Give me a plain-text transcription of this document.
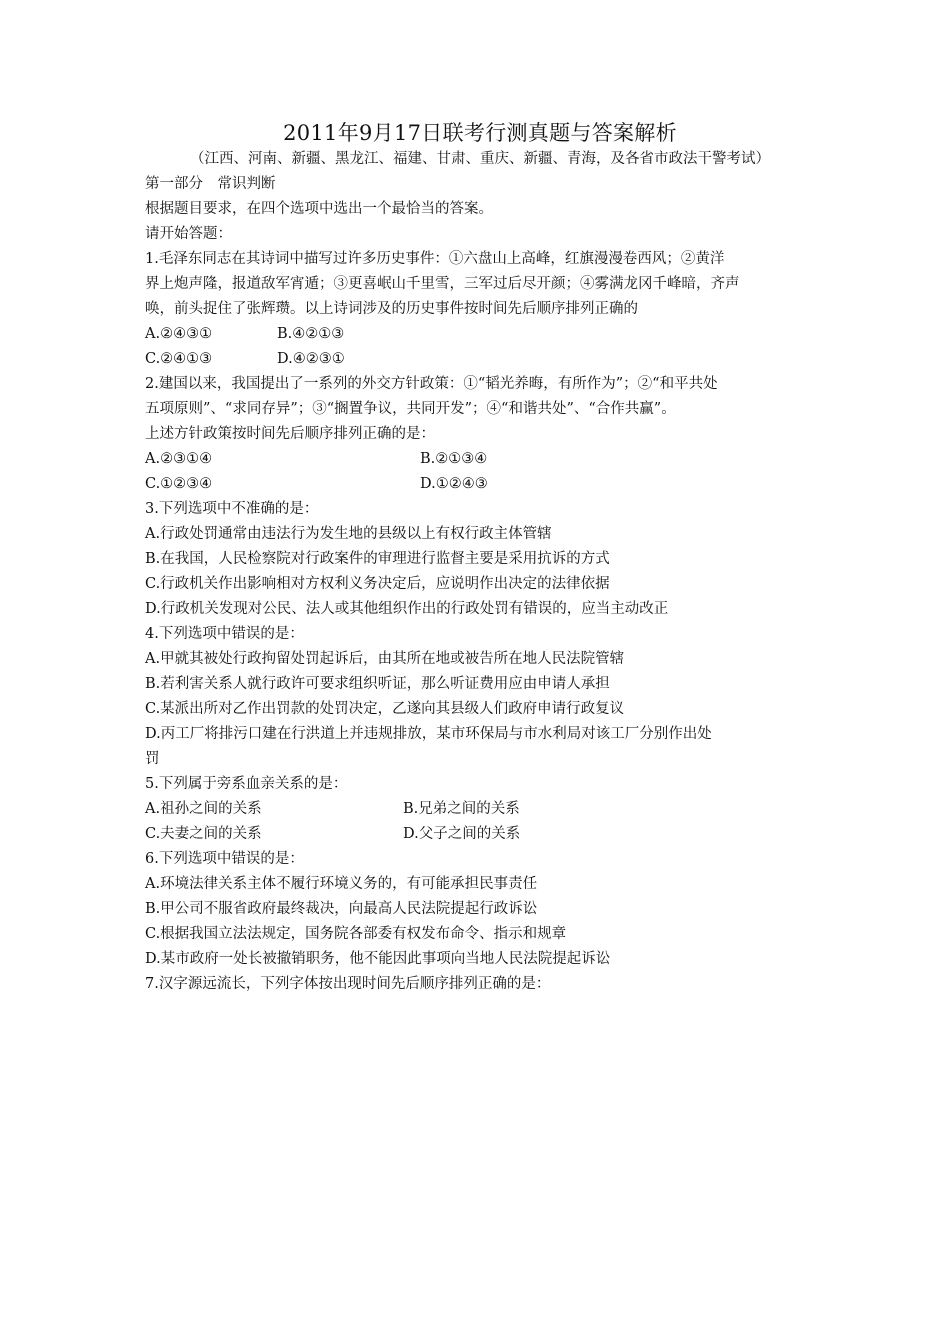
2011年9月17日联考行测真题与答案解析

（江西、河南、新疆、黑龙江、福建、甘肃、重庆、新疆、青海，及各省市政法干警考试）

第一部分　常识判断

根据题目要求，在四个选项中选出一个最恰当的答案。

请开始答题：

1.毛泽东同志在其诗词中描写过许多历史事件：①六盘山上高峰，红旗漫漫卷西风；②黄洋

界上炮声隆，报道敌军宵遁；③更喜岷山千里雪，三军过后尽开颜；④雾满龙冈千峰暗，齐声

唤，前头捉住了张辉瓒。以上诗词涉及的历史事件按时间先后顺序排列正确的

A.②④③①	B.④②①③
C.②④①③	D.④②③①

2.建国以来，我国提出了一系列的外交方针政策：①“韬光养晦，有所作为”；②“和平共处

五项原则”、“求同存异”；③“搁置争议，共同开发”；④“和谐共处”、“合作共赢”。

上述方针政策按时间先后顺序排列正确的是：

A.②③①④	B.②①③④
C.①②③④	D.①②④③

3.下列选项中不准确的是：

A.行政处罚通常由违法行为发生地的县级以上有权行政主体管辖

B.在我国，人民检察院对行政案件的审理进行监督主要是采用抗诉的方式

C.行政机关作出影响相对方权利义务决定后，应说明作出决定的法律依据

D.行政机关发现对公民、法人或其他组织作出的行政处罚有错误的，应当主动改正

4.下列选项中错误的是：

A.甲就其被处行政拘留处罚起诉后，由其所在地或被告所在地人民法院管辖

B.若利害关系人就行政许可要求组织听证，那么听证费用应由申请人承担

C.某派出所对乙作出罚款的处罚决定，乙遂向其县级人们政府申请行政复议

D.丙工厂将排污口建在行洪道上并违规排放，某市环保局与市水利局对该工厂分别作出处

罚

5.下列属于旁系血亲关系的是：

A.祖孙之间的关系	B.兄弟之间的关系
C.夫妻之间的关系	D.父子之间的关系

6.下列选项中错误的是：

A.环境法律关系主体不履行环境义务的，有可能承担民事责任

B.甲公司不服省政府最终裁决，向最高人民法院提起行政诉讼

C.根据我国立法法规定，国务院各部委有权发布命令、指示和规章

D.某市政府一处长被撤销职务，他不能因此事项向当地人民法院提起诉讼

7.汉字源远流长，下列字体按出现时间先后顺序排列正确的是：
